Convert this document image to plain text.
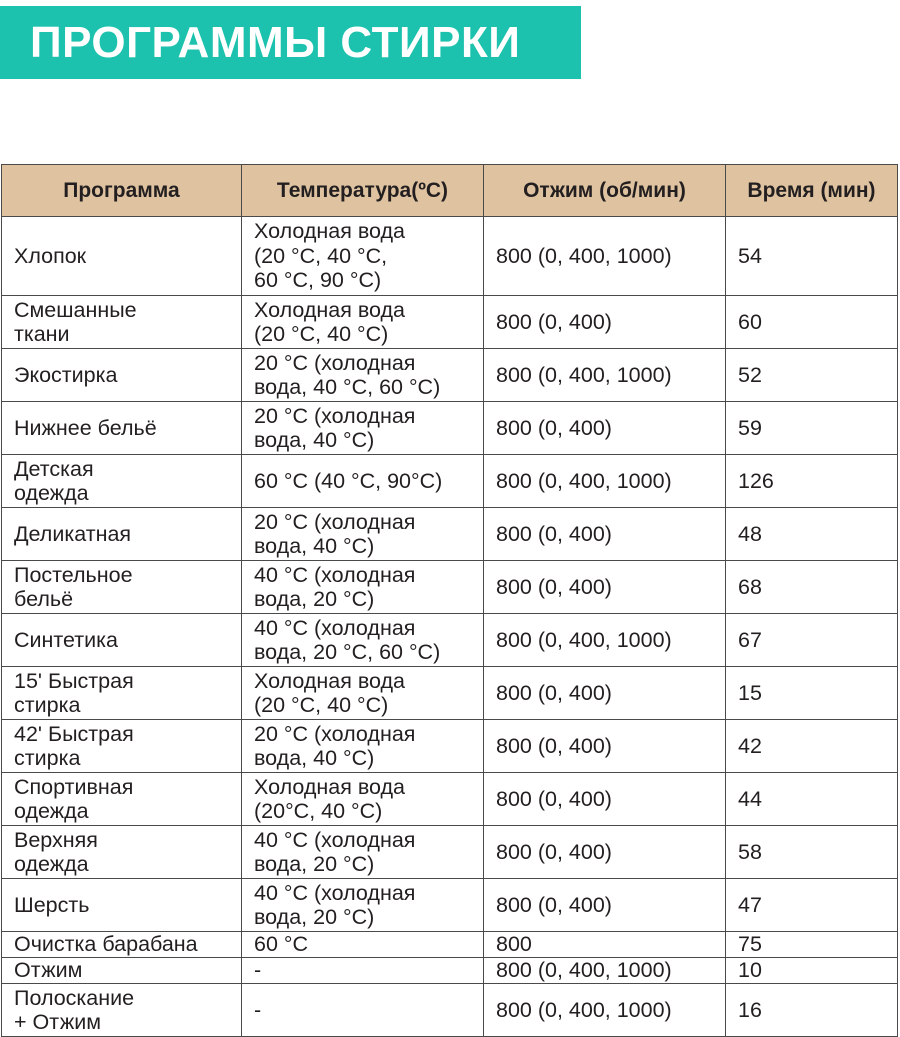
ПРОГРАММЫ СТИРКИ
Программа	Температура(ºC)	Отжим (об/мин)	Время (мин)
Хлопок	Холодная вода
(20 °C, 40 °C,
60 °C, 90 °C)	800 (0, 400, 1000)	54
Смешанные
ткани	Холодная вода
(20 °C, 40 °C)	800 (0, 400)	60
Экостирка	20 °C (холодная
вода, 40 °C, 60 °C)	800 (0, 400, 1000)	52
Нижнее бельё	20 °C (холодная
вода, 40 °C)	800 (0, 400)	59
Детская
одежда	60 °C (40 °C, 90°C)	800 (0, 400, 1000)	126
Деликатная	20 °C (холодная
вода, 40 °C)	800 (0, 400)	48
Постельное
бельё	40 °C (холодная
вода, 20 °C)	800 (0, 400)	68
Синтетика	40 °C (холодная
вода, 20 °C, 60 °C)	800 (0, 400, 1000)	67
15' Быстрая
стирка	Холодная вода
(20 °C, 40 °C)	800 (0, 400)	15
42' Быстрая
стирка	20 °C (холодная
вода, 40 °C)	800 (0, 400)	42
Спортивная
одежда	Холодная вода
(20°C, 40 °C)	800 (0, 400)	44
Верхняя
одежда	40 °C (холодная
вода, 20 °C)	800 (0, 400)	58
Шерсть	40 °C (холодная
вода, 20 °C)	800 (0, 400)	47
Очистка барабана	60 °C	800	75
Отжим	-	800 (0, 400, 1000)	10
Полоскание
+ Отжим	-	800 (0, 400, 1000)	16
